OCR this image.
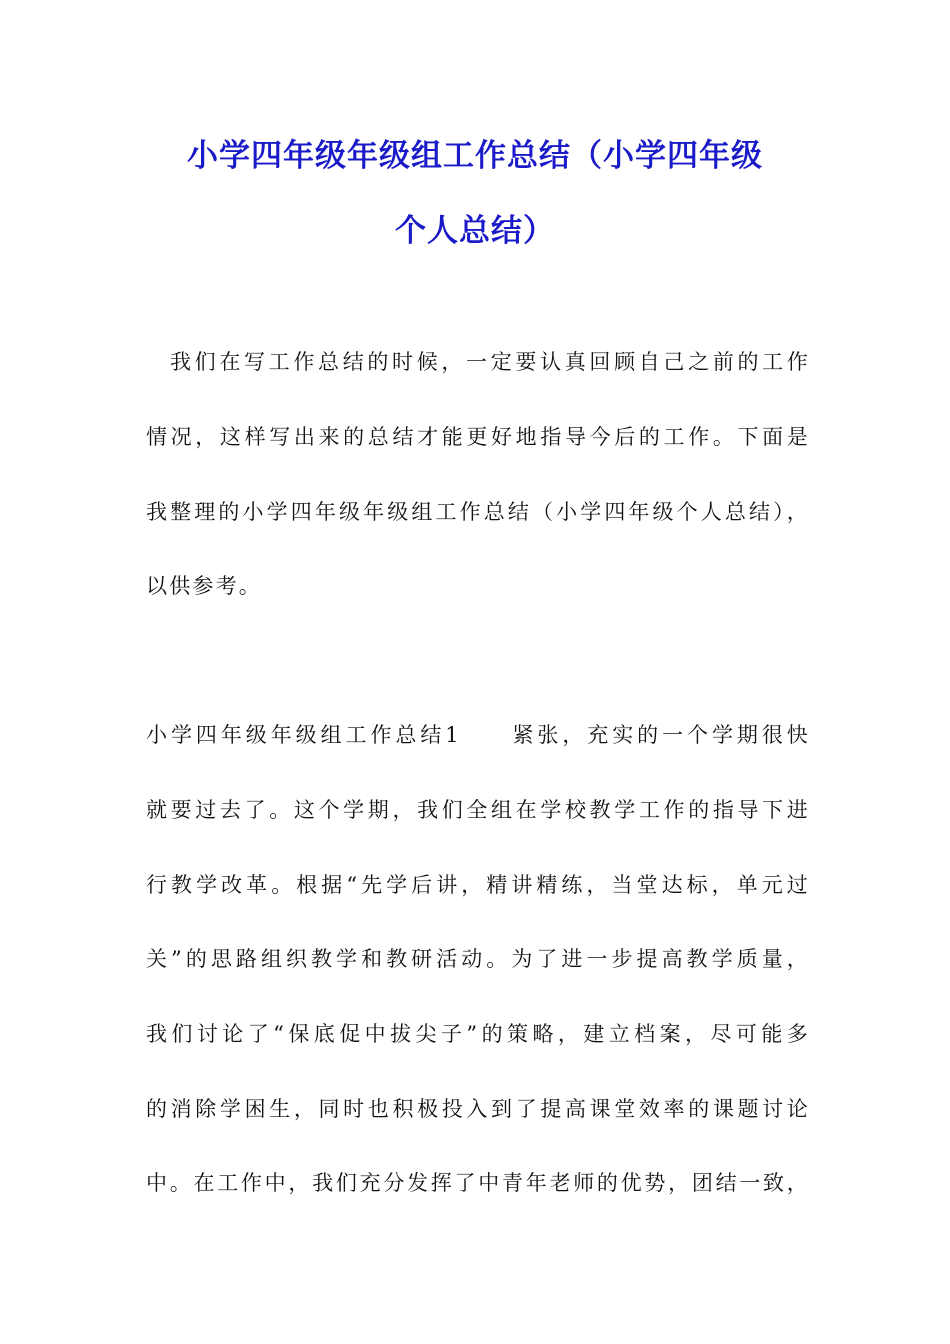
小学四年级年级组工作总结（小学四年级
个人总结）
我们在写工作总结的时候，一定要认真回顾自己之前的工作
情况，这样写出来的总结才能更好地指导今后的工作。下面是
我整理的小学四年级年级组工作总结（小学四年级个人总结），
以供参考。
小学四年级年级组工作总结1　　紧张，充实的一个学期很快
就要过去了。这个学期，我们全组在学校教学工作的指导下进
行教学改革。根据“先学后讲，精讲精练，当堂达标，单元过
关”的思路组织教学和教研活动。为了进一步提高教学质量，
我们讨论了“保底促中拔尖子”的策略，建立档案，尽可能多
的消除学困生，同时也积极投入到了提高课堂效率的课题讨论
中。在工作中，我们充分发挥了中青年老师的优势，团结一致，
